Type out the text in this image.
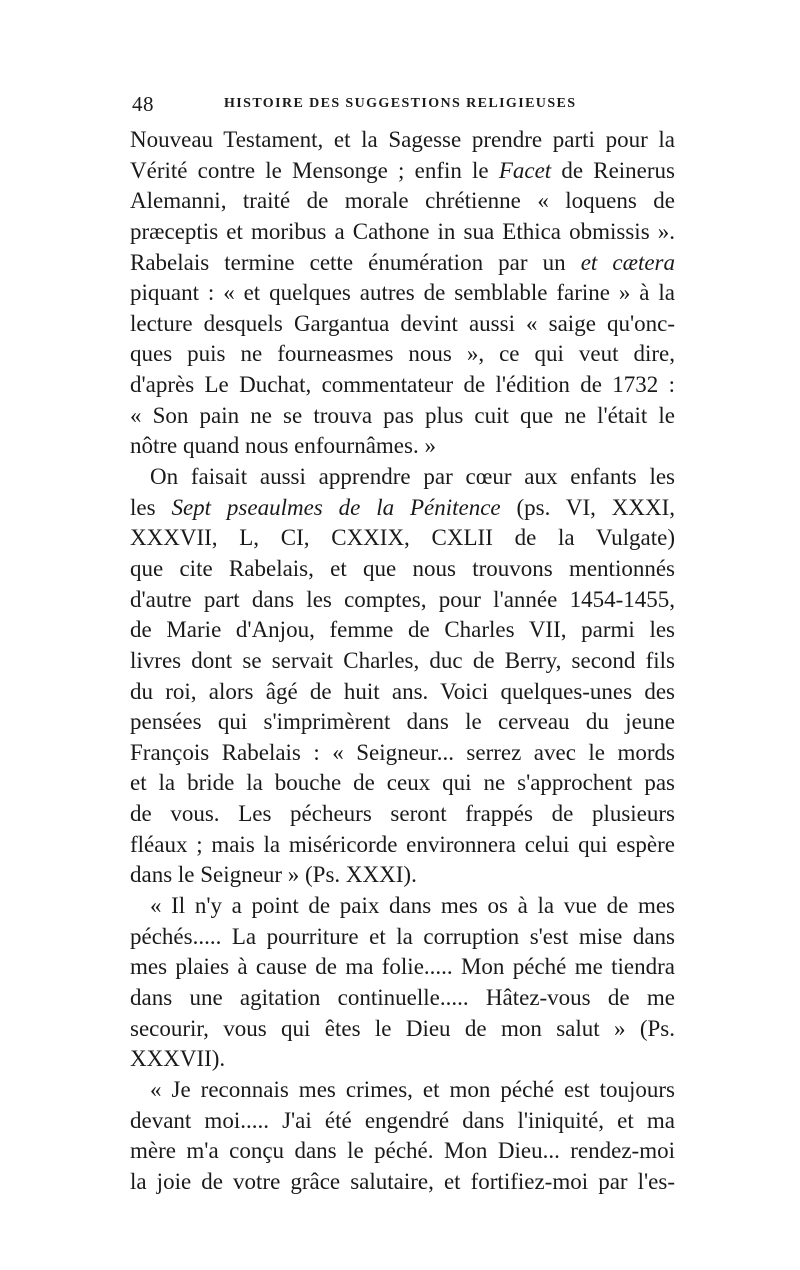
48	HISTOIRE DES SUGGESTIONS RELIGIEUSES
Nouveau Testament, et la Sagesse prendre parti pour la
Vérité contre le Mensonge ; enfin le Facet de Reinerus
Alemanni, traité de morale chrétienne « loquens de
præceptis et moribus a Cathone in sua Ethica obmissis ».
Rabelais termine cette énumération par un et cætera
piquant : « et quelques autres de semblable farine » à la
lecture desquels Gargantua devint aussi « saige qu'onc-
ques puis ne fourneasmes nous », ce qui veut dire,
d'après Le Duchat, commentateur de l'édition de 1732 :
« Son pain ne se trouva pas plus cuit que ne l'était le
nôtre quand nous enfournâmes. »
On faisait aussi apprendre par cœur aux enfants les
les Sept pseaulmes de la Pénitence (ps. VI, XXXI,
XXXVII, L, CI, CXXIX, CXLII de la Vulgate)
que cite Rabelais, et que nous trouvons mentionnés
d'autre part dans les comptes, pour l'année 1454-1455,
de Marie d'Anjou, femme de Charles VII, parmi les
livres dont se servait Charles, duc de Berry, second fils
du roi, alors âgé de huit ans. Voici quelques-unes des
pensées qui s'imprimèrent dans le cerveau du jeune
François Rabelais : « Seigneur... serrez avec le mords
et la bride la bouche de ceux qui ne s'approchent pas
de vous. Les pécheurs seront frappés de plusieurs
fléaux ; mais la miséricorde environnera celui qui espère
dans le Seigneur » (Ps. XXXI).
« Il n'y a point de paix dans mes os à la vue de mes
péchés..... La pourriture et la corruption s'est mise dans
mes plaies à cause de ma folie..... Mon péché me tiendra
dans une agitation continuelle..... Hâtez-vous de me
secourir, vous qui êtes le Dieu de mon salut » (Ps.
XXXVII).
« Je reconnais mes crimes, et mon péché est toujours
devant moi..... J'ai été engendré dans l'iniquité, et ma
mère m'a conçu dans le péché. Mon Dieu... rendez-moi
la joie de votre grâce salutaire, et fortifiez-moi par l'es-
